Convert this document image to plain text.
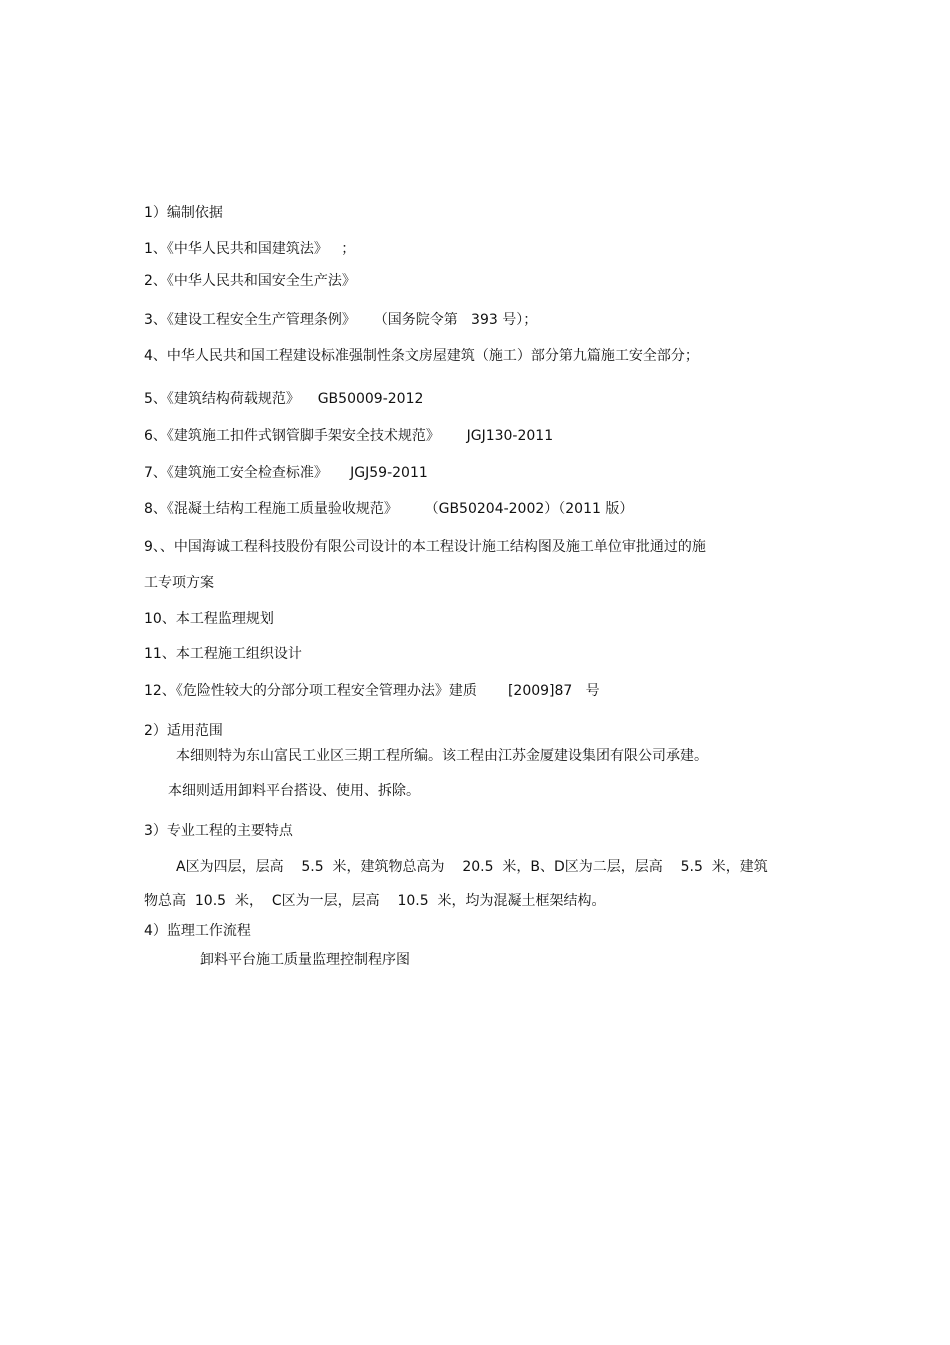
1）编制依据

1、《中华人民共和国建筑法》   ；

2、《中华人民共和国安全生产法》

3、《建设工程安全生产管理条例》    （国务院令第   393 号）；

4、中华人民共和国工程建设标准强制性条文房屋建筑（施工）部分第九篇施工安全部分；

5、《建筑结构荷载规范》    GB50009-2012

6、《建筑施工扣件式钢管脚手架安全技术规范》      JGJ130-2011

7、《建筑施工安全检查标准》     JGJ59-2011

8、《混凝土结构工程施工质量验收规范》      （GB50204-2002）（2011 版）

9、、中国海诚工程科技股份有限公司设计的本工程设计施工结构图及施工单位审批通过的施

工专项方案

10、本工程监理规划

11、本工程施工组织设计

12、《危险性较大的分部分项工程安全管理办法》建质       [2009]87   号

2）适用范围

本细则特为东山富民工业区三期工程所编。该工程由江苏金厦建设集团有限公司承建。

本细则适用卸料平台搭设、使用、拆除。

3）专业工程的主要特点

A区为四层，层高    5.5  米，建筑物总高为    20.5  米，B、D区为二层，层高    5.5  米，建筑

物总高  10.5  米，  C区为一层，层高    10.5  米，均为混凝土框架结构。

4）监理工作流程

卸料平台施工质量监理控制程序图
